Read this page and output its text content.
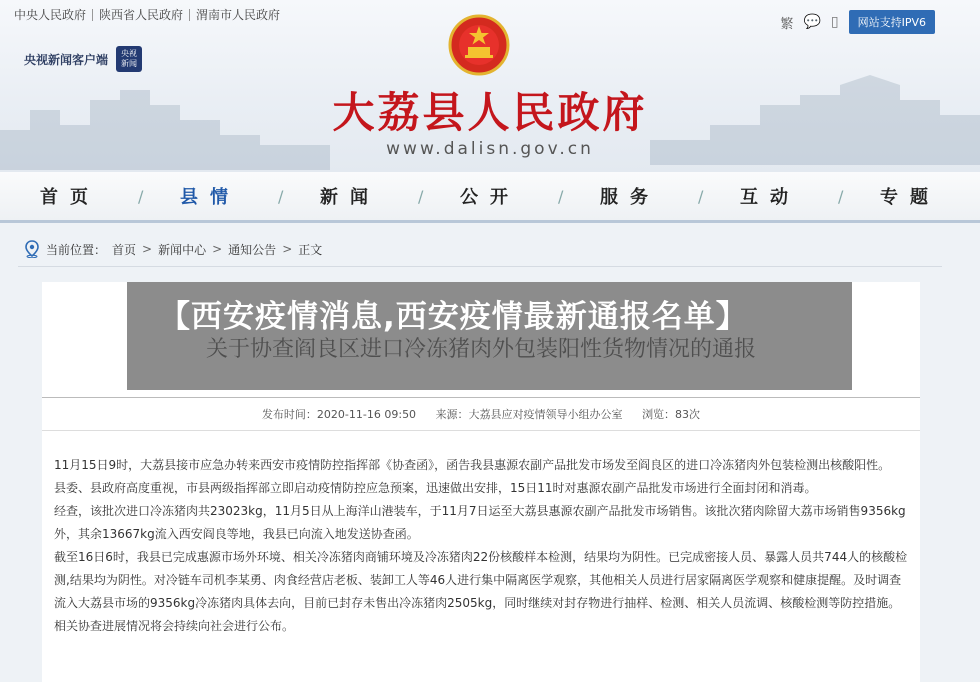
中央人民政府	陕西省人民政府	渭南市人民政府
央视新闻客户端	央视新闻
繁 💬 ▯	网站支持IPV6
大荔县人民政府
www.dalisn.gov.cn
首页	/	县情	/	新闻	/	公开	/	服务	/	互动	/	专题
当前位置： 首页 > 新闻中心 > 通知公告 > 正文
发布时间：2020-11-16 09:50 来源：大荔县应对疫情领导小组办公室 浏览：83次

11月15日9时，大荔县接市应急办转来西安市疫情防控指挥部《协查函》，函告我县惠源农副产品批发市场发至阎良区的进口冷冻猪肉外包装检测出核酸阳性。

县委、县政府高度重视，市县两级指挥部立即启动疫情防控应急预案，迅速做出安排，15日11时对惠源农副产品批发市场进行全面封闭和消毒。

经查，该批次进口冷冻猪肉共23023kg，11月5日从上海洋山港装车，于11月7日运至大荔县惠源农副产品批发市场销售。该批次猪肉除留大荔市场销售9356kg外，其余13667kg流入西安阎良等地，我县已向流入地发送协查函。

截至16日6时，我县已完成惠源市场外环境、相关冷冻猪肉商铺环境及冷冻猪肉22份核酸样本检测，结果均为阴性。已完成密接人员、暴露人员共744人的核酸检测,结果均为阴性。对冷链车司机李某勇、肉食经营店老板、装卸工人等46人进行集中隔离医学观察，其他相关人员进行居家隔离医学观察和健康提醒。及时调查流入大荔县市场的9356kg冷冻猪肉具体去向，目前已封存未售出冷冻猪肉2505kg，同时继续对封存物进行抽样、检测、相关人员流调、核酸检测等防控措施。相关协查进展情况将会持续向社会进行公布。

【西安疫情消息,西安疫情最新通报名单】
